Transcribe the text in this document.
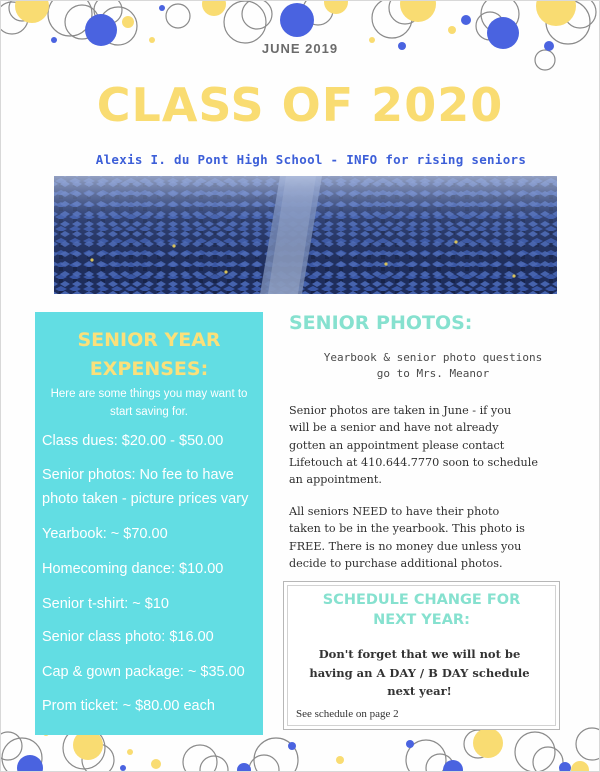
JUNE 2019
CLASS OF 2020
Alexis I. du Pont High School - INFO for rising seniors
SENIOR YEAR
EXPENSES:
Here are some things you may want to
start saving for.
Class dues: $20.00 - $50.00
Senior photos: No fee to have
photo taken - picture prices vary
Yearbook: ~ $70.00
Homecoming dance: $10.00
Senior t-shirt: ~ $10
Senior class photo: $16.00
Cap & gown package: ~ $35.00
Prom ticket: ~ $80.00 each
SENIOR PHOTOS:
Yearbook & senior photo questions
go to Mrs. Meanor
Senior photos are taken in June - if you
will be a senior and have not already
gotten an appointment please contact
Lifetouch at 410.644.7770 soon to schedule
an appointment.
All seniors NEED to have their photo
taken to be in the yearbook. This photo is
FREE. There is no money due unless you
decide to purchase additional photos.
SCHEDULE CHANGE FOR
NEXT YEAR:
Don't forget that we will not be
having an A DAY / B DAY schedule
next year!
See schedule on page 2
